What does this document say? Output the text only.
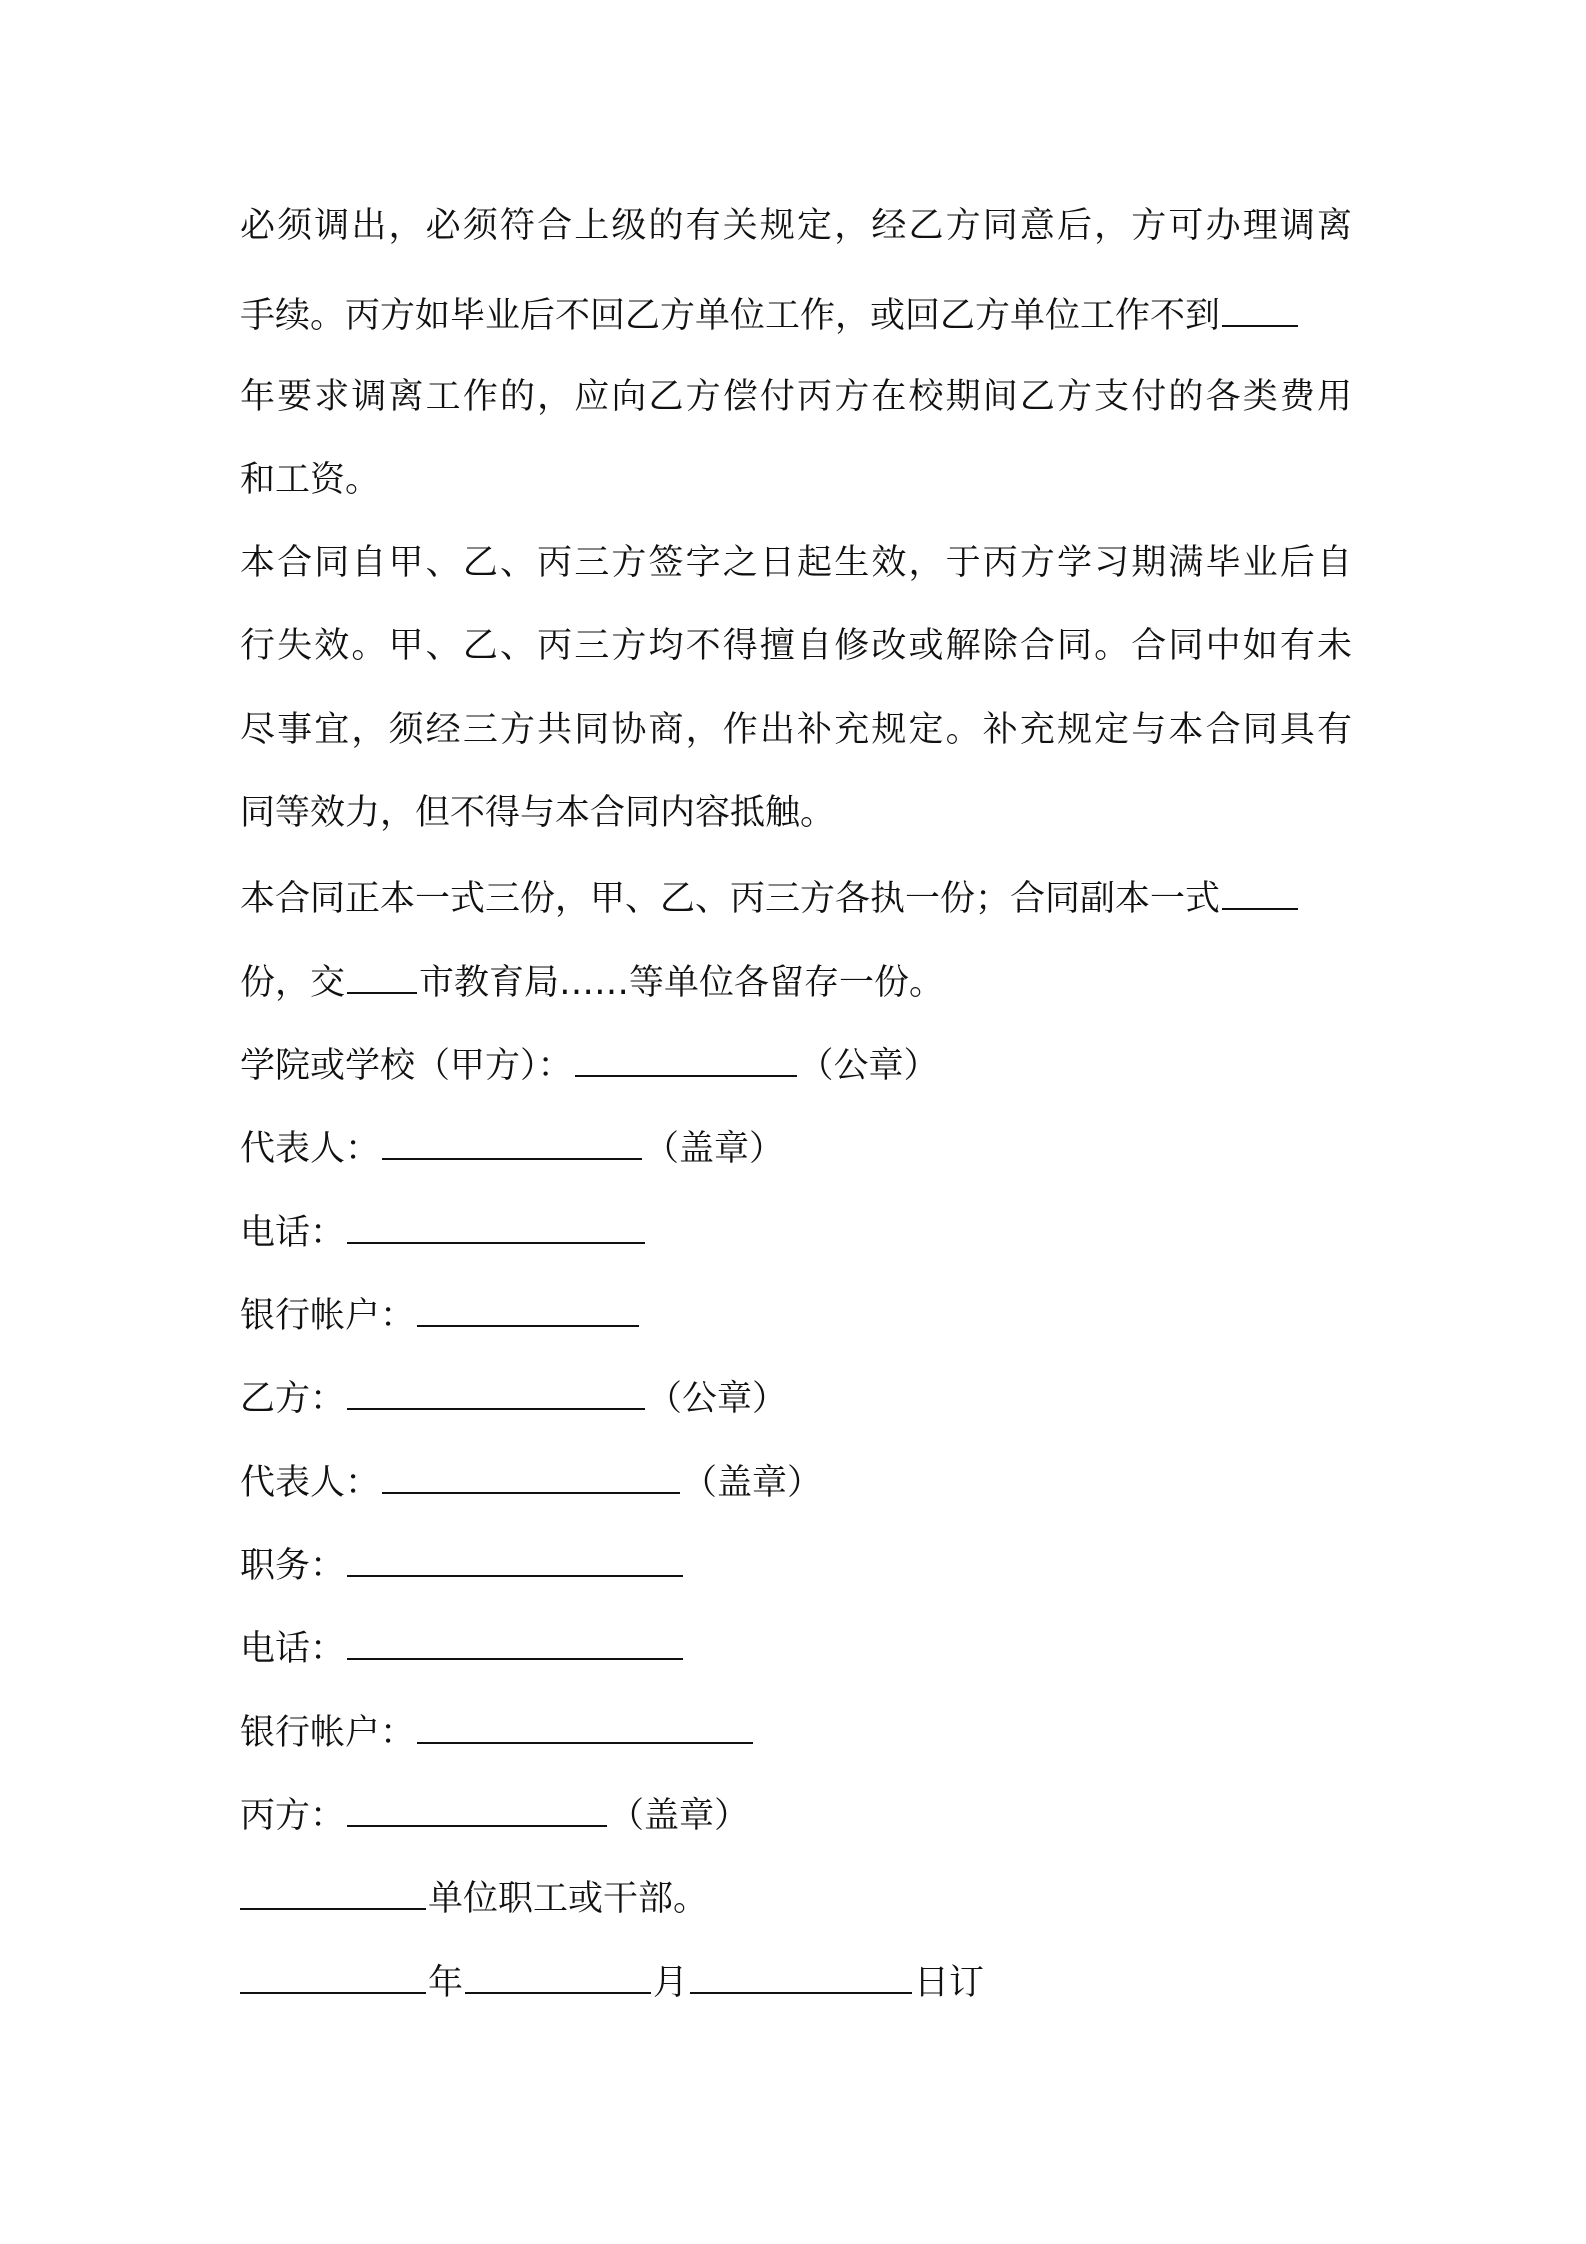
必须调出，必须符合上级的有关规定，经乙方同意后，方可办理调离
手续。丙方如毕业后不回乙方单位工作，或回乙方单位工作不到
年要求调离工作的，应向乙方偿付丙方在校期间乙方支付的各类费用
和工资。
本合同自甲、乙、丙三方签字之日起生效，于丙方学习期满毕业后自
行失效。甲、乙、丙三方均不得擅自修改或解除合同。合同中如有未
尽事宜，须经三方共同协商，作出补充规定。补充规定与本合同具有
同等效力，但不得与本合同内容抵触。
本合同正本一式三份，甲、乙、丙三方各执一份；合同副本一式
份，交 市教育局……等单位各留存一份。
学院或学校（甲方）：	（公章）
代表人：	（盖章）
电话：
银行帐户：
乙方：	（公章）
代表人：	（盖章）
职务：
电话：
银行帐户：
丙方：	（盖章）
单位职工或干部。
年	月	日订
